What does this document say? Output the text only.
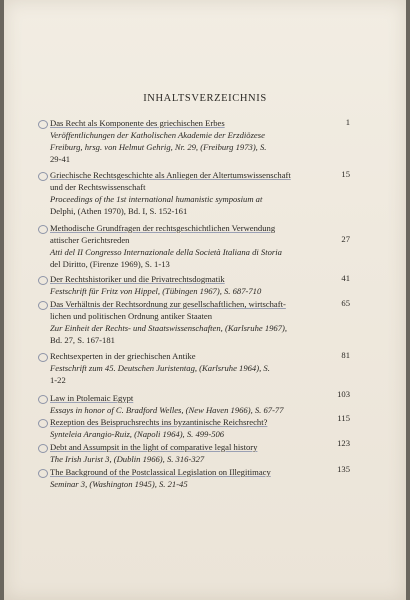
INHALTSVERZEICHNIS
Das Recht als Komponente des griechischen Erbes
Veröffentlichungen der Katholischen Akademie der Erzdiözese
Freiburg, hrsg. von Helmut Gehrig, Nr. 29, (Freiburg 1973), S.
29-41
1
Griechische Rechtsgeschichte als Anliegen der Altertumswissenschaft
und der Rechtswissenschaft
Proceedings of the 1st international humanistic symposium at
Delphi, (Athen 1970), Bd. I, S. 152-161
15
Methodische Grundfragen der rechtsgeschichtlichen Verwendung
attischer Gerichtsreden
Atti del II Congresso Internazionale della Società Italiana di Storia
del Diritto, (Firenze 1969), S. 1-13
27
Der Rechtshistoriker und die Privatrechtsdogmatik
Festschrift für Fritz von Hippel, (Tübingen 1967), S. 687-710
41
Das Verhältnis der Rechtsordnung zur gesellschaftlichen, wirtschaft-
lichen und politischen Ordnung antiker Staaten
Zur Einheit der Rechts- und Staatswissenschaften, (Karlsruhe 1967),
Bd. 27, S. 167-181
65
Rechtsexperten in der griechischen Antike
Festschrift zum 45. Deutschen Juristentag, (Karlsruhe 1964), S.
1-22
81
Law in Ptolemaic Egypt
Essays in honor of C. Bradford Welles, (New Haven 1966), S. 67-77
103
Rezeption des Beispruchsrechts ins byzantinische Reichsrecht?
Synteleia Arangio-Ruiz, (Napoli 1964), S. 499-506
115
Debt and Assumpsit in the light of comparative legal history
The Irish Jurist 3, (Dublin 1966), S. 316-327
123
The Background of the Postclassical Legislation on Illegitimacy
Seminar 3, (Washington 1945), S. 21-45
135
